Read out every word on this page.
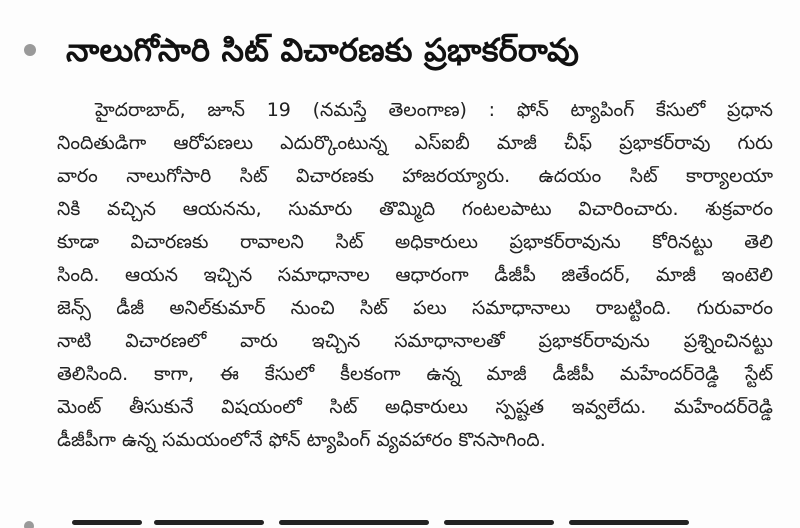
నాలుగోసారి సిట్ విచారణకు ప్రభాకర్‌రావు
హైదరాబాద్, జూన్ 19 (నమస్తే తెలంగాణ) : ఫోన్ ట్యాపింగ్ కేసులో ప్రధాన
నిందితుడిగా ఆరోపణలు ఎదుర్కొంటున్న ఎస్ఐబీ మాజీ చీఫ్ ప్రభాకర్‌రావు గురు
వారం నాలుగోసారి సిట్ విచారణకు హాజరయ్యారు. ఉదయం సిట్ కార్యాలయా
నికి వచ్చిన ఆయనను, సుమారు తొమ్మిది గంటలపాటు విచారించారు. శుక్రవారం
కూడా విచారణకు రావాలని సిట్ అధికారులు ప్రభాకర్‌రావును కోరినట్టు తెలి
సింది. ఆయన ఇచ్చిన సమాధానాల ఆధారంగా డీజీపీ జితేందర్, మాజీ ఇంటెలి
జెన్స్ డీజీ అనిల్‌కుమార్ నుంచి సిట్ పలు సమాధానాలు రాబట్టింది. గురువారం
నాటి విచారణలో వారు ఇచ్చిన సమాధానాలతో ప్రభాకర్‌రావును ప్రశ్నించినట్టు
తెలిసింది. కాగా, ఈ కేసులో కీలకంగా ఉన్న మాజీ డీజీపీ మహేందర్‌రెడ్డి స్టేట్
మెంట్ తీసుకునే విషయంలో సిట్ అధికారులు స్పష్టత ఇవ్వలేదు. మహేందర్‌రెడ్డి
డీజీపీగా ఉన్న సమయంలోనే ఫోన్ ట్యాపింగ్ వ్యవహారం కొనసాగింది.
